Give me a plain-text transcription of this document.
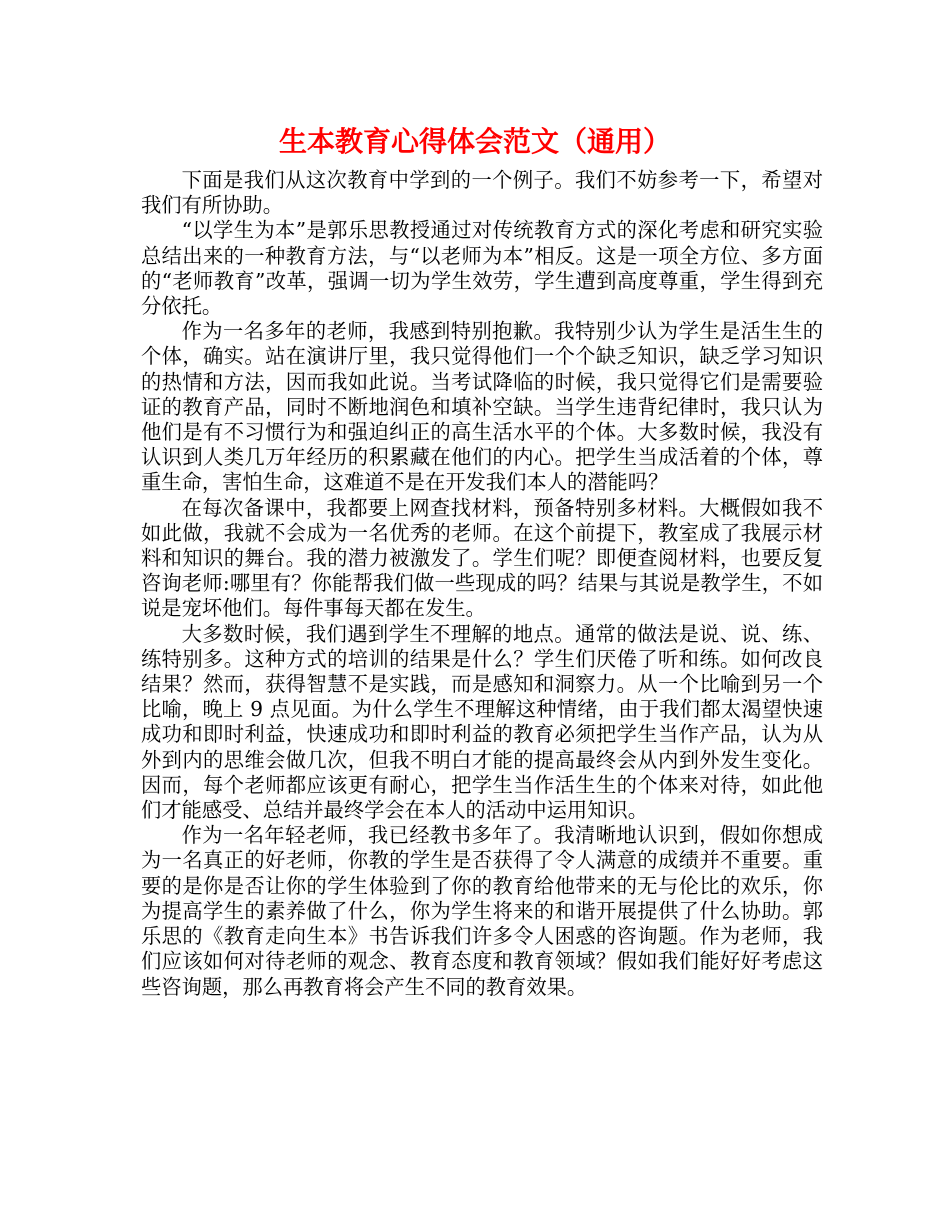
生本教育心得体会范文（通用）

下面是我们从这次教育中学到的一个例子。我们不妨参考一下，希望对我们有所协助。

“以学生为本”是郭乐思教授通过对传统教育方式的深化考虑和研究实验总结出来的一种教育方法，与“以老师为本”相反。这是一项全方位、多方面的“老师教育”改革，强调一切为学生效劳，学生遭到高度尊重，学生得到充分依托。

作为一名多年的老师，我感到特别抱歉。我特别少认为学生是活生生的个体，确实。站在演讲厅里，我只觉得他们一个个缺乏知识，缺乏学习知识的热情和方法，因而我如此说。当考试降临的时候，我只觉得它们是需要验证的教育产品，同时不断地润色和填补空缺。当学生违背纪律时，我只认为他们是有不习惯行为和强迫纠正的高生活水平的个体。大多数时候，我没有认识到人类几万年经历的积累藏在他们的内心。把学生当成活着的个体，尊重生命，害怕生命，这难道不是在开发我们本人的潜能吗？

在每次备课中，我都要上网查找材料，预备特别多材料。大概假如我不如此做，我就不会成为一名优秀的老师。在这个前提下，教室成了我展示材料和知识的舞台。我的潜力被激发了。学生们呢？即便查阅材料，也要反复咨询老师:哪里有？你能帮我们做一些现成的吗？结果与其说是教学生，不如说是宠坏他们。每件事每天都在发生。

大多数时候，我们遇到学生不理解的地点。通常的做法是说、说、练、练特别多。这种方式的培训的结果是什么？学生们厌倦了听和练。如何改良结果？然而，获得智慧不是实践，而是感知和洞察力。从一个比喻到另一个比喻，晚上 9 点见面。为什么学生不理解这种情绪，由于我们都太渴望快速成功和即时利益，快速成功和即时利益的教育必须把学生当作产品，认为从外到内的思维会做几次，但我不明白才能的提高最终会从内到外发生变化。因而，每个老师都应该更有耐心，把学生当作活生生的个体来对待，如此他们才能感受、总结并最终学会在本人的活动中运用知识。

作为一名年轻老师，我已经教书多年了。我清晰地认识到，假如你想成为一名真正的好老师，你教的学生是否获得了令人满意的成绩并不重要。重要的是你是否让你的学生体验到了你的教育给他带来的无与伦比的欢乐，你为提高学生的素养做了什么，你为学生将来的和谐开展提供了什么协助。郭乐思的《教育走向生本》书告诉我们许多令人困惑的咨询题。作为老师，我们应该如何对待老师的观念、教育态度和教育领域？假如我们能好好考虑这些咨询题，那么再教育将会产生不同的教育效果。
